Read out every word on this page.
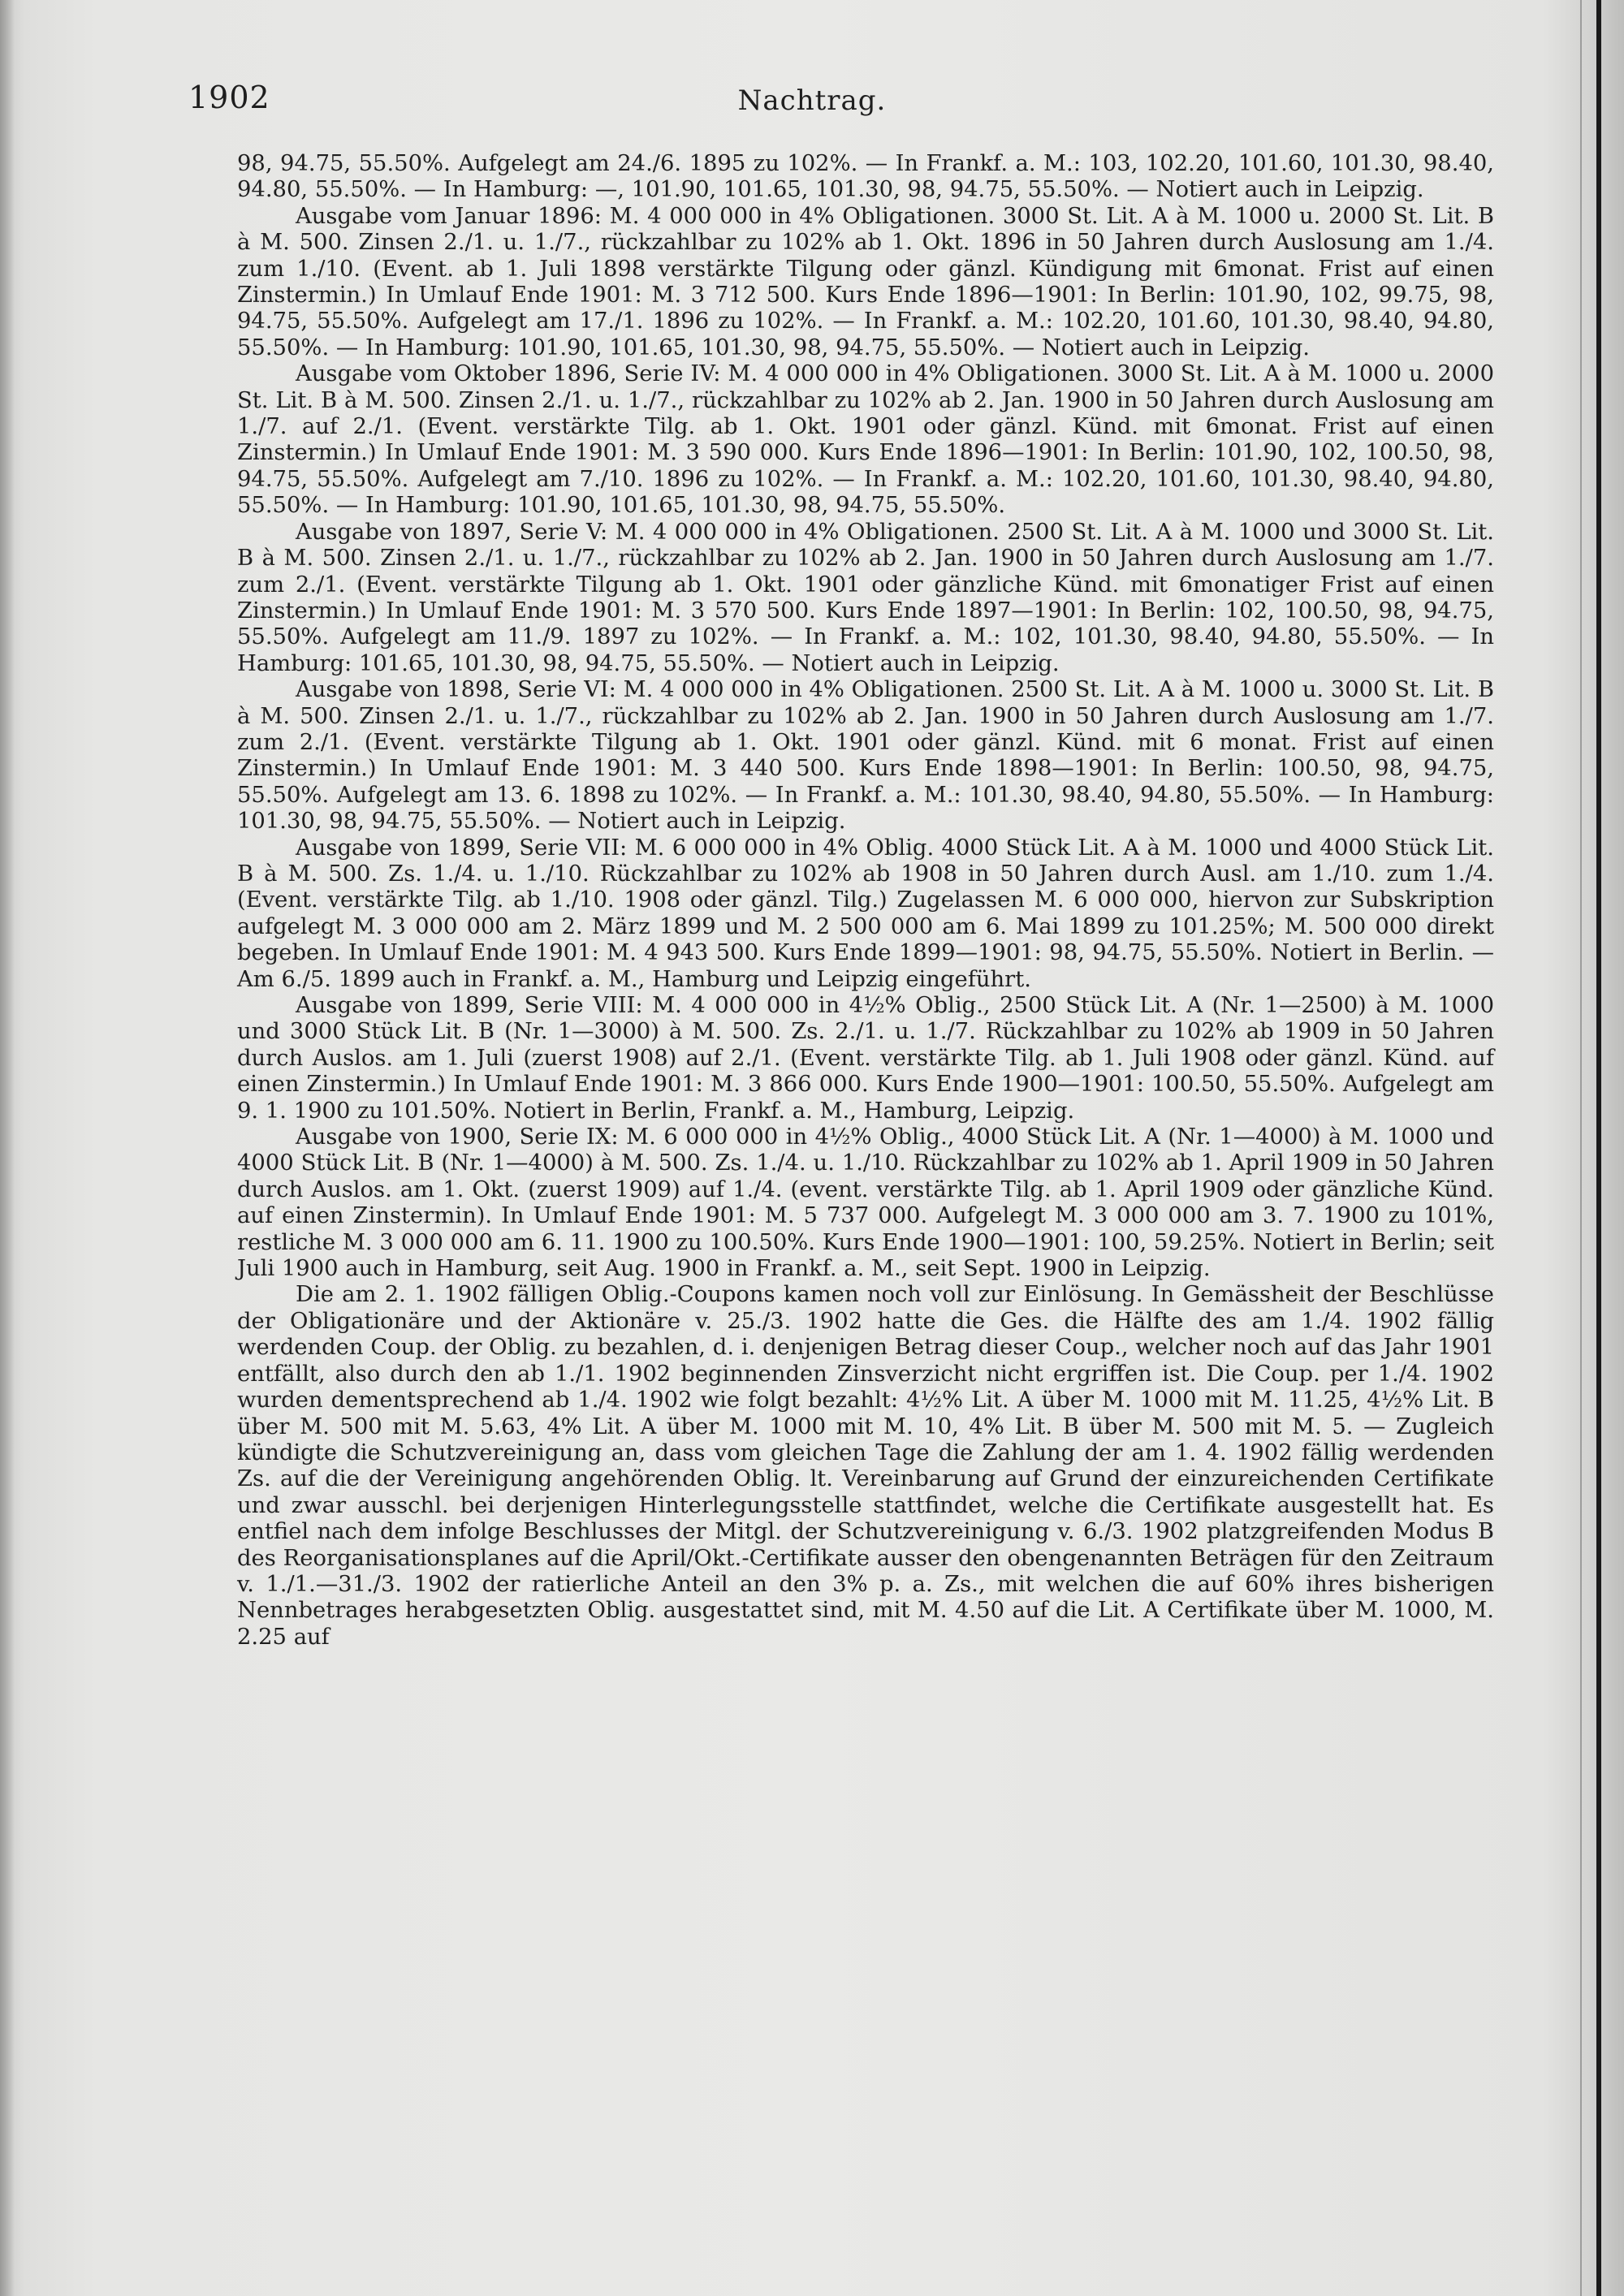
1902	Nachtrag.

98, 94.75, 55.50%. Aufgelegt am 24./6. 1895 zu 102%. — In Frankf. a. M.: 103, 102.20, 101.60, 101.30, 98.40, 94.80, 55.50%. — In Hamburg: —, 101.90, 101.65, 101.30, 98, 94.75, 55.50%. — Notiert auch in Leipzig.

Ausgabe vom Januar 1896: M. 4 000 000 in 4% Obligationen. 3000 St. Lit. A à M. 1000 u. 2000 St. Lit. B à M. 500. Zinsen 2./1. u. 1./7., rückzahlbar zu 102% ab 1. Okt. 1896 in 50 Jahren durch Auslosung am 1./4. zum 1./10. (Event. ab 1. Juli 1898 verstärkte Tilgung oder gänzl. Kündigung mit 6monat. Frist auf einen Zinstermin.) In Umlauf Ende 1901: M. 3 712 500. Kurs Ende 1896—1901: In Berlin: 101.90, 102, 99.75, 98, 94.75, 55.50%. Aufgelegt am 17./1. 1896 zu 102%. — In Frankf. a. M.: 102.20, 101.60, 101.30, 98.40, 94.80, 55.50%. — In Hamburg: 101.90, 101.65, 101.30, 98, 94.75, 55.50%. — Notiert auch in Leipzig.

Ausgabe vom Oktober 1896, Serie IV: M. 4 000 000 in 4% Obligationen. 3000 St. Lit. A à M. 1000 u. 2000 St. Lit. B à M. 500. Zinsen 2./1. u. 1./7., rückzahlbar zu 102% ab 2. Jan. 1900 in 50 Jahren durch Auslosung am 1./7. auf 2./1. (Event. verstärkte Tilg. ab 1. Okt. 1901 oder gänzl. Künd. mit 6monat. Frist auf einen Zinstermin.) In Umlauf Ende 1901: M. 3 590 000. Kurs Ende 1896—1901: In Berlin: 101.90, 102, 100.50, 98, 94.75, 55.50%. Aufgelegt am 7./10. 1896 zu 102%. — In Frankf. a. M.: 102.20, 101.60, 101.30, 98.40, 94.80, 55.50%. — In Hamburg: 101.90, 101.65, 101.30, 98, 94.75, 55.50%.

Ausgabe von 1897, Serie V: M. 4 000 000 in 4% Obligationen. 2500 St. Lit. A à M. 1000 und 3000 St. Lit. B à M. 500. Zinsen 2./1. u. 1./7., rückzahlbar zu 102% ab 2. Jan. 1900 in 50 Jahren durch Auslosung am 1./7. zum 2./1. (Event. verstärkte Tilgung ab 1. Okt. 1901 oder gänzliche Künd. mit 6monatiger Frist auf einen Zinstermin.) In Umlauf Ende 1901: M. 3 570 500. Kurs Ende 1897—1901: In Berlin: 102, 100.50, 98, 94.75, 55.50%. Aufgelegt am 11./9. 1897 zu 102%. — In Frankf. a. M.: 102, 101.30, 98.40, 94.80, 55.50%. — In Hamburg: 101.65, 101.30, 98, 94.75, 55.50%. — Notiert auch in Leipzig.

Ausgabe von 1898, Serie VI: M. 4 000 000 in 4% Obligationen. 2500 St. Lit. A à M. 1000 u. 3000 St. Lit. B à M. 500. Zinsen 2./1. u. 1./7., rückzahlbar zu 102% ab 2. Jan. 1900 in 50 Jahren durch Auslosung am 1./7. zum 2./1. (Event. verstärkte Tilgung ab 1. Okt. 1901 oder gänzl. Künd. mit 6 monat. Frist auf einen Zinstermin.) In Umlauf Ende 1901: M. 3 440 500. Kurs Ende 1898—1901: In Berlin: 100.50, 98, 94.75, 55.50%. Aufgelegt am 13. 6. 1898 zu 102%. — In Frankf. a. M.: 101.30, 98.40, 94.80, 55.50%. — In Hamburg: 101.30, 98, 94.75, 55.50%. — Notiert auch in Leipzig.

Ausgabe von 1899, Serie VII: M. 6 000 000 in 4% Oblig. 4000 Stück Lit. A à M. 1000 und 4000 Stück Lit. B à M. 500. Zs. 1./4. u. 1./10. Rückzahlbar zu 102% ab 1908 in 50 Jahren durch Ausl. am 1./10. zum 1./4. (Event. verstärkte Tilg. ab 1./10. 1908 oder gänzl. Tilg.) Zugelassen M. 6 000 000, hiervon zur Subskription aufgelegt M. 3 000 000 am 2. März 1899 und M. 2 500 000 am 6. Mai 1899 zu 101.25%; M. 500 000 direkt begeben. In Umlauf Ende 1901: M. 4 943 500. Kurs Ende 1899—1901: 98, 94.75, 55.50%. Notiert in Berlin. — Am 6./5. 1899 auch in Frankf. a. M., Hamburg und Leipzig eingeführt.

Ausgabe von 1899, Serie VIII: M. 4 000 000 in 4½% Oblig., 2500 Stück Lit. A (Nr. 1—2500) à M. 1000 und 3000 Stück Lit. B (Nr. 1—3000) à M. 500. Zs. 2./1. u. 1./7. Rückzahlbar zu 102% ab 1909 in 50 Jahren durch Auslos. am 1. Juli (zuerst 1908) auf 2./1. (Event. verstärkte Tilg. ab 1. Juli 1908 oder gänzl. Künd. auf einen Zinstermin.) In Umlauf Ende 1901: M. 3 866 000. Kurs Ende 1900—1901: 100.50, 55.50%. Aufgelegt am 9. 1. 1900 zu 101.50%. Notiert in Berlin, Frankf. a. M., Hamburg, Leipzig.

Ausgabe von 1900, Serie IX: M. 6 000 000 in 4½% Oblig., 4000 Stück Lit. A (Nr. 1—4000) à M. 1000 und 4000 Stück Lit. B (Nr. 1—4000) à M. 500. Zs. 1./4. u. 1./10. Rückzahlbar zu 102% ab 1. April 1909 in 50 Jahren durch Auslos. am 1. Okt. (zuerst 1909) auf 1./4. (event. verstärkte Tilg. ab 1. April 1909 oder gänzliche Künd. auf einen Zinstermin). In Umlauf Ende 1901: M. 5 737 000. Aufgelegt M. 3 000 000 am 3. 7. 1900 zu 101%, restliche M. 3 000 000 am 6. 11. 1900 zu 100.50%. Kurs Ende 1900—1901: 100, 59.25%. Notiert in Berlin; seit Juli 1900 auch in Hamburg, seit Aug. 1900 in Frankf. a. M., seit Sept. 1900 in Leipzig.

Die am 2. 1. 1902 fälligen Oblig.-Coupons kamen noch voll zur Einlösung. In Gemässheit der Beschlüsse der Obligationäre und der Aktionäre v. 25./3. 1902 hatte die Ges. die Hälfte des am 1./4. 1902 fällig werdenden Coup. der Oblig. zu bezahlen, d. i. denjenigen Betrag dieser Coup., welcher noch auf das Jahr 1901 entfällt, also durch den ab 1./1. 1902 beginnenden Zinsverzicht nicht ergriffen ist. Die Coup. per 1./4. 1902 wurden dementsprechend ab 1./4. 1902 wie folgt bezahlt: 4½% Lit. A über M. 1000 mit M. 11.25, 4½% Lit. B über M. 500 mit M. 5.63, 4% Lit. A über M. 1000 mit M. 10, 4% Lit. B über M. 500 mit M. 5. — Zugleich kündigte die Schutzvereinigung an, dass vom gleichen Tage die Zahlung der am 1. 4. 1902 fällig werdenden Zs. auf die der Vereinigung angehörenden Oblig. lt. Vereinbarung auf Grund der einzureichenden Certifikate und zwar ausschl. bei derjenigen Hinterlegungsstelle stattfindet, welche die Certifikate ausgestellt hat. Es entfiel nach dem infolge Beschlusses der Mitgl. der Schutzvereinigung v. 6./3. 1902 platzgreifenden Modus B des Reorganisationsplanes auf die April/Okt.-Certifikate ausser den obengenannten Beträgen für den Zeitraum v. 1./1.—31./3. 1902 der ratierliche Anteil an den 3% p. a. Zs., mit welchen die auf 60% ihres bisherigen Nennbetrages herabgesetzten Oblig. ausgestattet sind, mit M. 4.50 auf die Lit. A Certifikate über M. 1000, M. 2.25 auf
